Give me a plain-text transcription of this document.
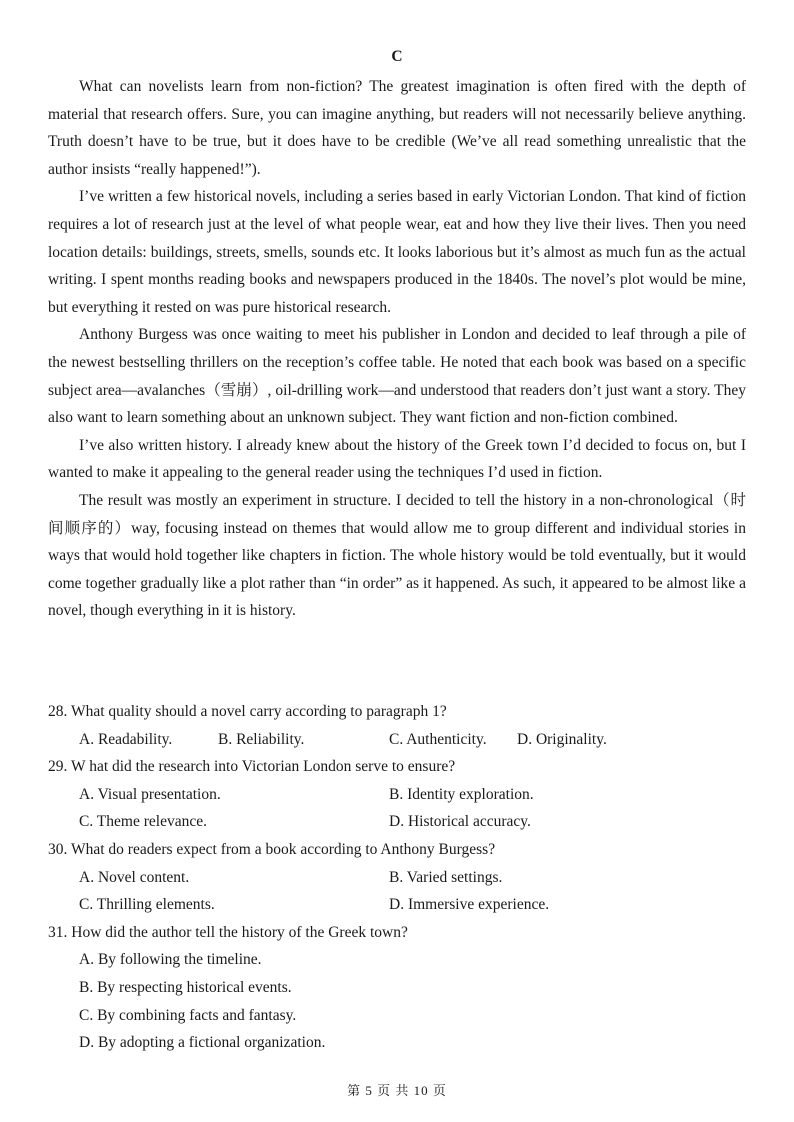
C

What can novelists learn from non-fiction? The greatest imagination is often fired with the depth of material that research offers. Sure, you can imagine anything, but readers will not necessarily believe anything. Truth doesn’t have to be true, but it does have to be credible (We’ve all read something unrealistic that the author insists “really happened!”).

I’ve written a few historical novels, including a series based in early Victorian London. That kind of fiction requires a lot of research just at the level of what people wear, eat and how they live their lives. Then you need location details: buildings, streets, smells, sounds etc. It looks laborious but it’s almost as much fun as the actual writing. I spent months reading books and newspapers produced in the 1840s. The novel’s plot would be mine, but everything it rested on was pure historical research.

Anthony Burgess was once waiting to meet his publisher in London and decided to leaf through a pile of the newest bestselling thrillers on the reception’s coffee table. He noted that each book was based on a specific subject area—avalanches（雪崩）, oil-drilling work—and understood that readers don’t just want a story. They also want to learn something about an unknown subject. They want fiction and non-fiction combined.

I’ve also written history. I already knew about the history of the Greek town I’d decided to focus on, but I wanted to make it appealing to the general reader using the techniques I’d used in fiction.

The result was mostly an experiment in structure. I decided to tell the history in a non-chronological（时间顺序的）way, focusing instead on themes that would allow me to group different and individual stories in ways that would hold together like chapters in fiction. The whole history would be told eventually, but it would come together gradually like a plot rather than “in order” as it happened. As such, it appeared to be almost like a novel, though everything in it is history.

28. What quality should a novel carry according to paragraph 1?
A. Readability.	B. Reliability.	C. Authenticity. D. Originality.
29. W hat did the research into Victorian London serve to ensure?
A. Visual presentation.	B. Identity exploration.
C. Theme relevance.	D. Historical accuracy.
30. What do readers expect from a book according to Anthony Burgess?
A. Novel content.	B. Varied settings.
C. Thrilling elements.	D. Immersive experience.
31. How did the author tell the history of the Greek town?
A. By following the timeline.
B. By respecting historical events.
C. By combining facts and fantasy.
D. By adopting a fictional organization.
第 5 页 共 10 页
